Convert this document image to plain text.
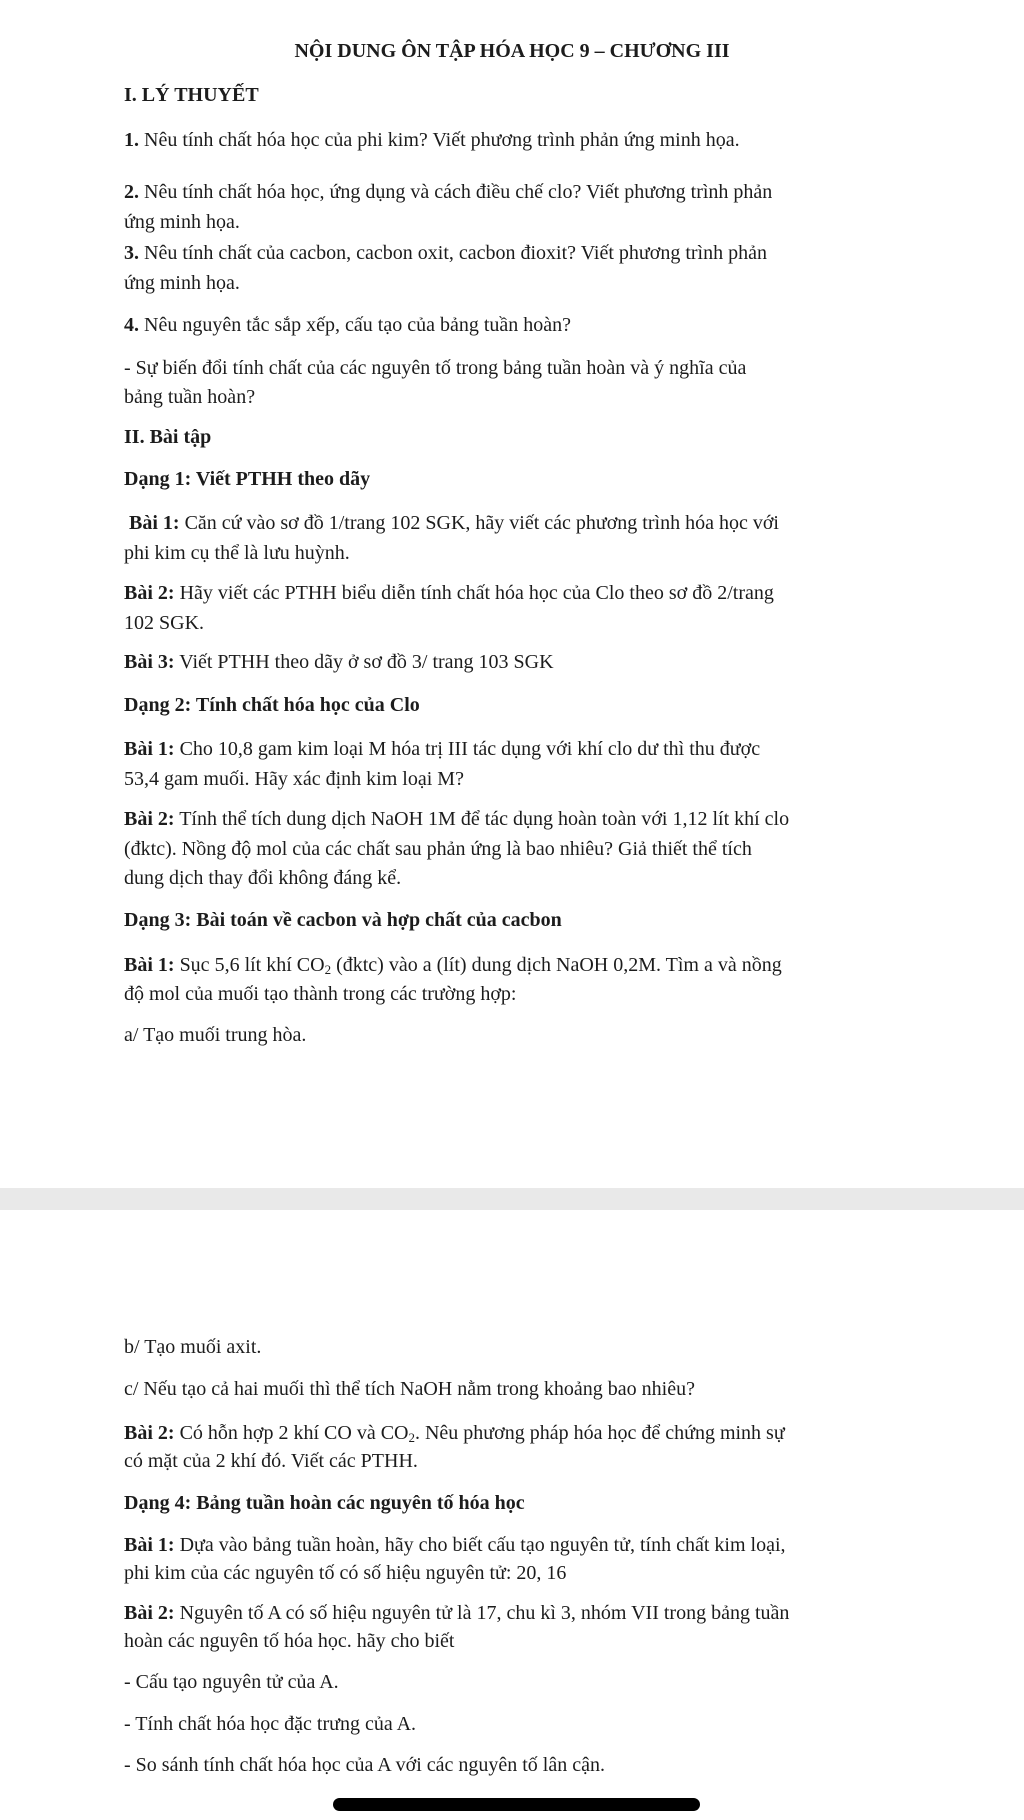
NỘI DUNG ÔN TẬP HÓA HỌC 9 – CHƯƠNG III
I. LÝ THUYẾT
1. Nêu tính chất hóa học của phi kim? Viết phương trình phản ứng minh họa.
2. Nêu tính chất hóa học, ứng dụng và cách điều chế clo? Viết phương trình phản
ứng minh họa.
3. Nêu tính chất của cacbon, cacbon oxit, cacbon đioxit? Viết phương trình phản
ứng minh họa.
4. Nêu nguyên tắc sắp xếp, cấu tạo của bảng tuần hoàn?
- Sự biến đổi tính chất của các nguyên tố trong bảng tuần hoàn và ý nghĩa của
bảng tuần hoàn?
II. Bài tập
Dạng 1: Viết PTHH theo dãy
Bài 1: Căn cứ vào sơ đồ 1/trang 102 SGK, hãy viết các phương trình hóa học với
phi kim cụ thể là lưu huỳnh.
Bài 2: Hãy viết các PTHH biểu diễn tính chất hóa học của Clo theo sơ đồ 2/trang
102 SGK.
Bài 3: Viết PTHH theo dãy ở sơ đồ 3/ trang 103 SGK
Dạng 2: Tính chất hóa học của Clo
Bài 1: Cho 10,8 gam kim loại M hóa trị III tác dụng với khí clo dư thì thu được
53,4 gam muối. Hãy xác định kim loại M?
Bài 2: Tính thể tích dung dịch NaOH 1M để tác dụng hoàn toàn với 1,12 lít khí clo
(đktc). Nồng độ mol của các chất sau phản ứng là bao nhiêu? Giả thiết thể tích
dung dịch thay đổi không đáng kể.
Dạng 3: Bài toán về cacbon và hợp chất của cacbon
Bài 1: Sục 5,6 lít khí $CO_2$ (đktc) vào a (lít) dung dịch NaOH 0,2M. Tìm a và nồng
độ mol của muối tạo thành trong các trường hợp:
a/ Tạo muối trung hòa.
b/ Tạo muối axit.
c/ Nếu tạo cả hai muối thì thể tích NaOH nằm trong khoảng bao nhiêu?
Bài 2: Có hỗn hợp 2 khí CO và $CO_2$. Nêu phương pháp hóa học để chứng minh sự
có mặt của 2 khí đó. Viết các PTHH.
Dạng 4: Bảng tuần hoàn các nguyên tố hóa học
Bài 1: Dựa vào bảng tuần hoàn, hãy cho biết cấu tạo nguyên tử, tính chất kim loại,
phi kim của các nguyên tố có số hiệu nguyên tử: 20, 16
Bài 2: Nguyên tố A có số hiệu nguyên tử là 17, chu kì 3, nhóm VII trong bảng tuần
hoàn các nguyên tố hóa học. hãy cho biết
- Cấu tạo nguyên tử của A.
- Tính chất hóa học đặc trưng của A.
- So sánh tính chất hóa học của A với các nguyên tố lân cận.
